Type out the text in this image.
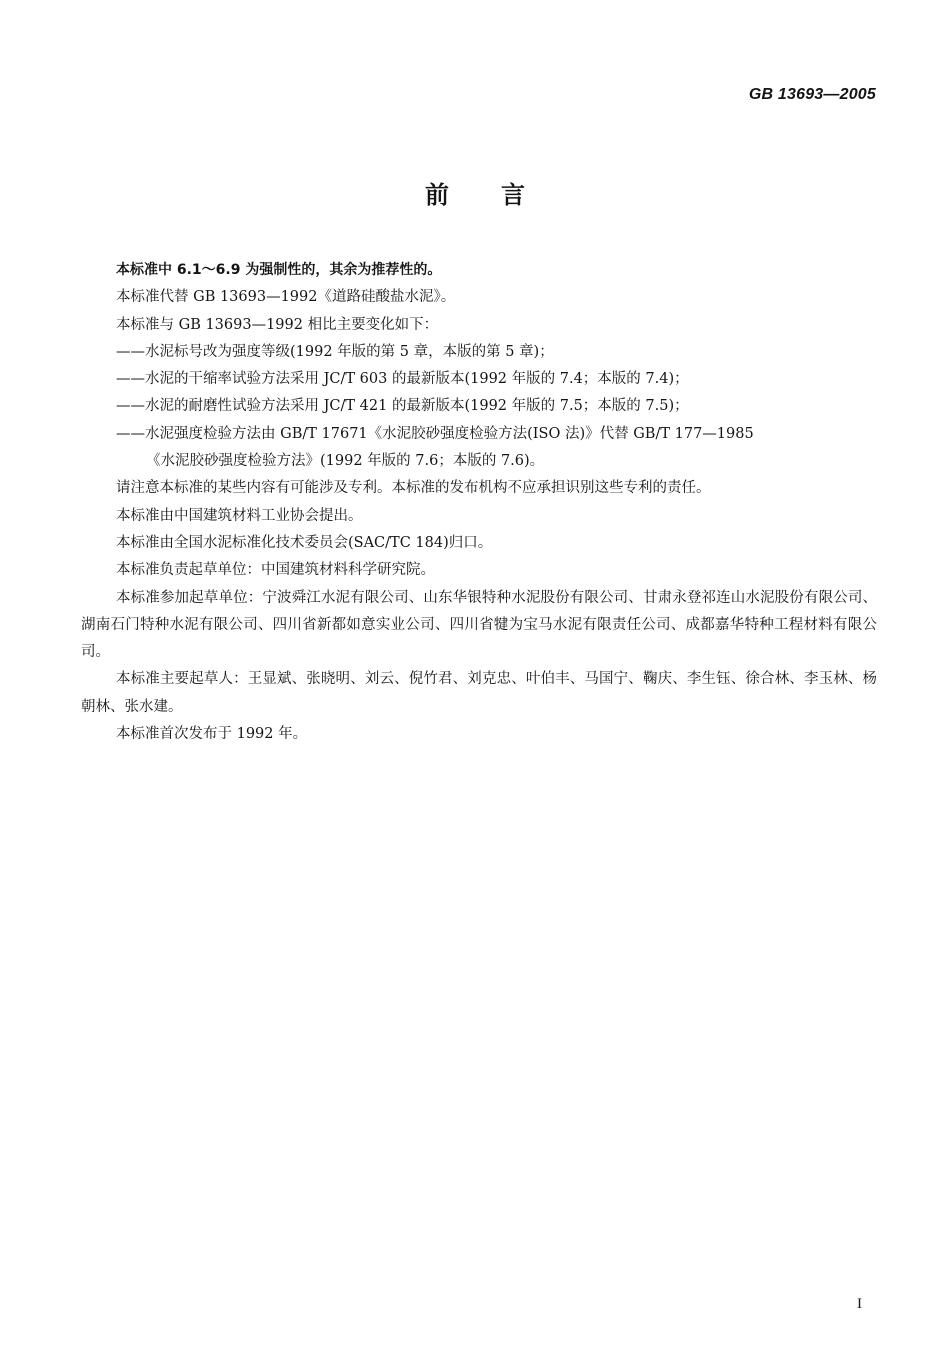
GB 13693—2005
前 言

本标准中 6.1～6.9 为强制性的，其余为推荐性的。

本标准代替 GB 13693—1992《道路硅酸盐水泥》。

本标准与 GB 13693—1992 相比主要变化如下：

——水泥标号改为强度等级(1992 年版的第 5 章，本版的第 5 章)；

——水泥的干缩率试验方法采用 JC/T 603 的最新版本(1992 年版的 7.4；本版的 7.4)；

——水泥的耐磨性试验方法采用 JC/T 421 的最新版本(1992 年版的 7.5；本版的 7.5)；

——水泥强度检验方法由 GB/T 17671《水泥胶砂强度检验方法(ISO 法)》代替 GB/T 177—1985

《水泥胶砂强度检验方法》(1992 年版的 7.6；本版的 7.6)。

请注意本标准的某些内容有可能涉及专利。本标准的发布机构不应承担识别这些专利的责任。

本标准由中国建筑材料工业协会提出。

本标准由全国水泥标准化技术委员会(SAC/TC 184)归口。

本标准负责起草单位：中国建筑材料科学研究院。

本标准参加起草单位：宁波舜江水泥有限公司、山东华银特种水泥股份有限公司、甘肃永登祁连山水泥股份有限公司、湖南石门特种水泥有限公司、四川省新都如意实业公司、四川省犍为宝马水泥有限责任公司、成都嘉华特种工程材料有限公司。

本标准主要起草人：王显斌、张晓明、刘云、倪竹君、刘克忠、叶伯丰、马国宁、鞠庆、李生钰、徐合林、李玉林、杨朝林、张水建。

本标准首次发布于 1992 年。

I
